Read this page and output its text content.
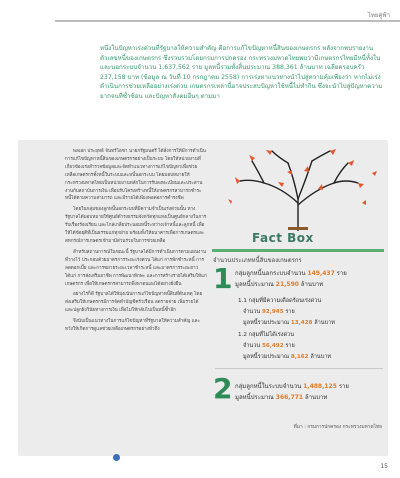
ไทยคู่ฟ้า

หนึ่งในปัญหาเร่งด่วนที่รัฐบาลให้ความสำคัญ คือการแก้ไขปัญหาหนี้สินของเกษตรกร หลังจากพบรายงานตัวเลขหนี้ของเกษตรกร ซึ่งรวบรวมโดยกรมการปกครอง กระทรวงมหาดไทยพบว่ามีเกษตรกรไทยมีหนี้ทั้งในและนอกระบบจำนวน 1,637,562 ราย มูลหนี้รวมทั้งสิ้นประมาณ 388,361 ล้านบาท เฉลี่ยครอบครัว 237,158 บาท (ข้อมูล ณ วันที่ 10 กรกฎาคม 2558) การเร่งหาแนวทางนำไปสู่ความคุ้มเพียงว่า หากไม่เร่งดำเนินการช่วยเหลืออย่างเร่งด่วน เกษตรกรเหล่านี้อาจประสบปัญหาใช้หนี้ไม่ทำกิน ซึ่งจะนำไปสู่ปัญหาความยากจนที่ซ้ำซ้อน และปัญหาสังคมอื่นๆ ตามมา

พลเอก ประยุทธ์ จันทร์โอชา นายกรัฐมนตรี ได้สั่งการให้มีการดำเนินการแก้ไขปัญหาหนี้สินของเกษตรกรอย่างเป็นระบบ โดยให้หน่วยงานที่เกี่ยวข้องเร่งสำรวจข้อมูลและจัดทำแนวทางการแก้ไขปัญหาเพื่อช่วยเหลือเกษตรกรทั้งหนี้ในระบบและหนี้นอกระบบ โดยมอบหมายให้กระทรวงมหาดไทยเป็นหน่วยงานหลักในการรับลงทะเบียนและประสานงานกับสถาบันการเงิน เพื่อปรับโครงสร้างหนี้ให้เกษตรกรสามารถชำระหนี้ได้ตามความสามารถ และมีรายได้เพียงพอต่อการดำรงชีพ

โดยในกลุ่มของลูกหนี้นอกระบบที่มีความจำเป็นเร่งด่วนนั้น ทางรัฐบาลได้มอบหมายให้ศูนย์ดำรงธรรมจังหวัดทุกแห่งเป็นศูนย์กลางในการรับเรื่องร้องเรียน และไกล่เกลี่ยประนอมหนี้ระหว่างเจ้าหนี้และลูกหนี้ เพื่อให้ได้ข้อยุติที่เป็นธรรมแก่ทุกฝ่าย พร้อมทั้งให้ธนาคารเพื่อการเกษตรและสหกรณ์การเกษตรเข้ามามีส่วนร่วมในการช่วยเหลือ

สำหรับสถานการณ์ในขณะนี้ รัฐบาลได้มีการดำเนินการตามแผนงานที่วางไว้ ประกอบด้วยมาตรการระยะเร่งด่วน ได้แก่ การพักชำระหนี้ การลดดอกเบี้ย และการขยายระยะเวลาชำระหนี้ และมาตรการระยะยาว ได้แก่ การส่งเสริมอาชีพ การพัฒนาทักษะ และการสร้างรายได้เสริมให้แก่เกษตรกร เพื่อให้เกษตรกรสามารถพึ่งพาตนเองได้อย่างยั่งยืน

อย่างไรก็ดี รัฐบาลได้ให้มุ่งเน้นการแก้ไขปัญหาหนี้สินที่ต้นเหตุ โดยส่งเสริมให้เกษตรกรมีการจัดทำบัญชีครัวเรือน ลดรายจ่าย เพิ่มรายได้ และปลูกฝังวินัยทางการเงิน เพื่อไม่ให้กลับไปเป็นหนี้ซ้ำอีก

จึงนับเป็นแนวทางในการแก้ไขปัญหาที่รัฐบาลให้ความสำคัญ และหวังให้เกิดการดูแลช่วยเหลือเกษตรกรอย่างทั่วถึง

Fact Box
จำนวนประเภทหนี้สินของเกษตรกร
1 กลุ่มลูกหนี้นอกระบบจำนวน 149,437 ราย
มูลหนี้ประมาณ 21,590 ล้านบาท
1.1 กลุ่มที่มีความเดือดร้อนเร่งด่วน
จำนวน 92,945 ราย
มูลหนี้รวมประมาณ 13,428 ล้านบาท
1.2 กลุ่มที่ไม่ได้เร่งด่วน
จำนวน 56,492 ราย
มูลหนี้รวมประมาณ 8,162 ล้านบาท
2 กลุ่มลูกหนี้ในระบบจำนวน 1,488,125 ราย
มูลหนี้ประมาณ 366,771 ล้านบาท
ที่มา : กรมการปกครอง กระทรวงมหาดไทย
15
